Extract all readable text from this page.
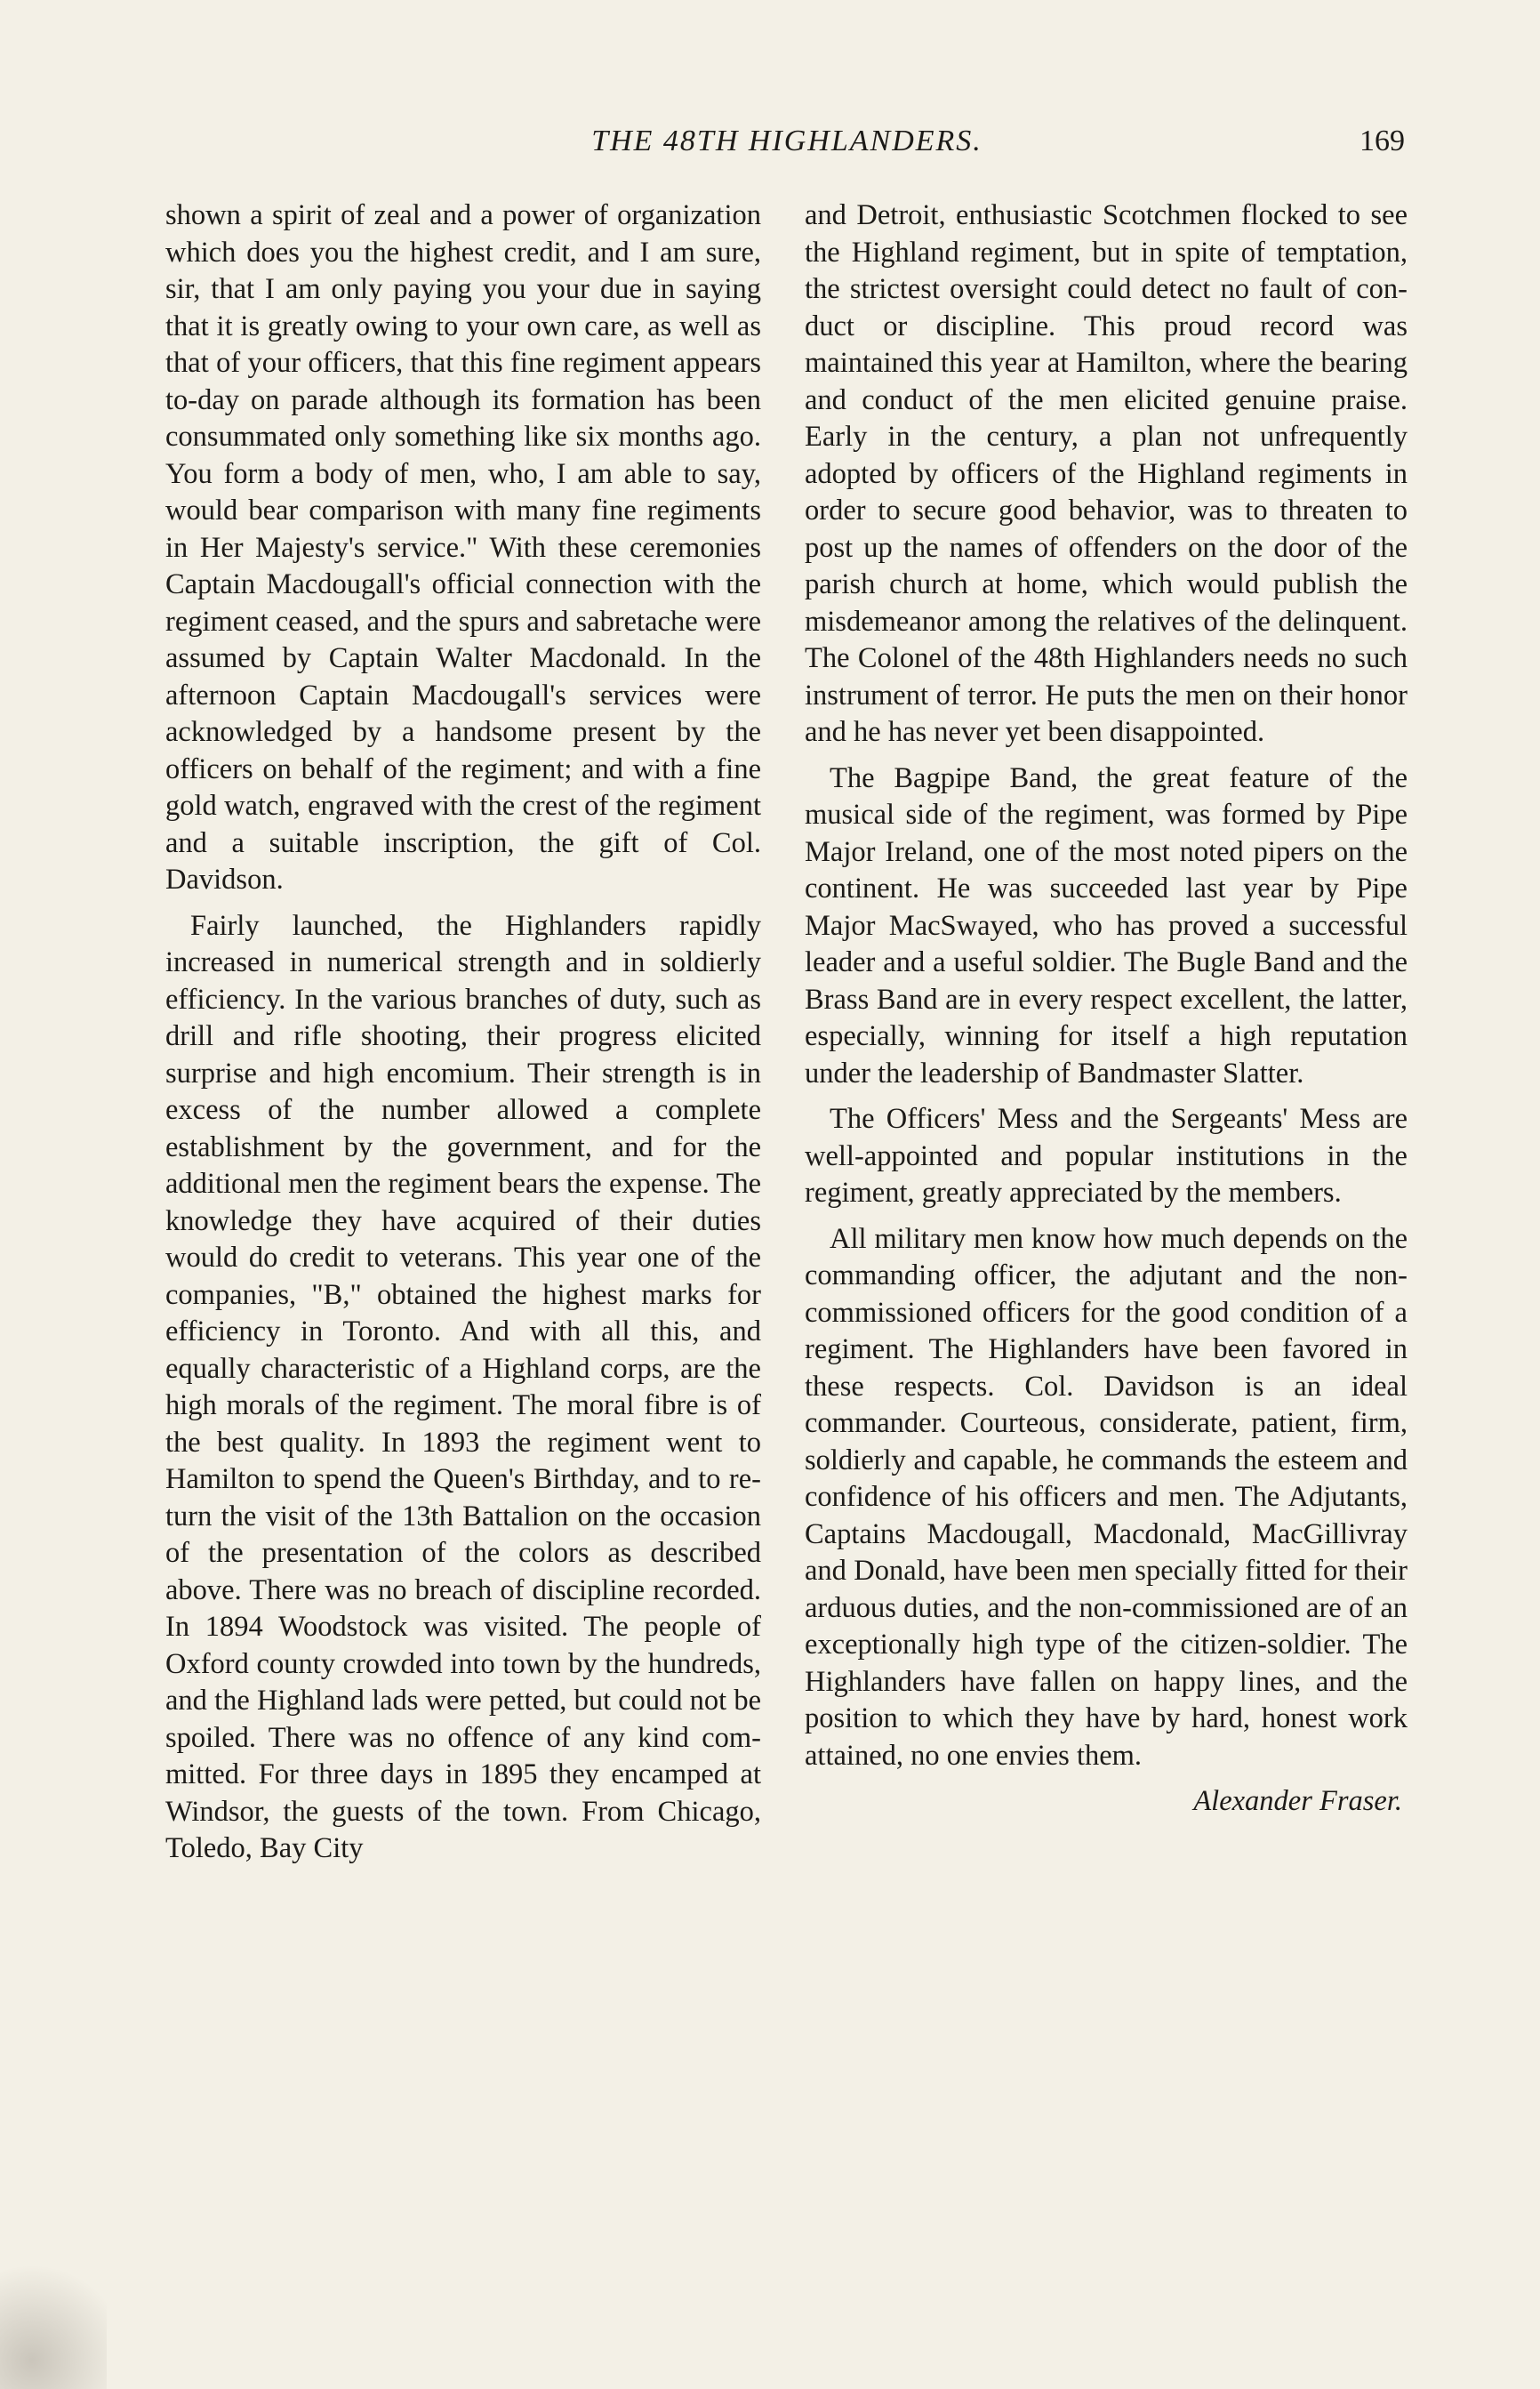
THE 48TH HIGHLANDERS.	169

shown a spirit of zeal and a power of organization which does you the highest credit, and I am sure, sir, that I am only paying you your due in saying that it is greatly owing to your own care, as well as that of your officers, that this fine regiment appears to-day on parade although its formation has been consummated only something like six months ago. You form a body of men, who, I am able to say, would bear comparison with many fine regiments in Her Majesty's service." With these ceremonies Captain Macdougall's official connection with the regiment ceased, and the spurs and sabretache were assumed by Captain Walter Macdonald. In the afternoon Captain Macdougall's services were acknowledged by a handsome present by the officers on behalf of the regiment; and with a fine gold watch, engraved with the crest of the regiment and a suitable inscription, the gift of Col. Davidson.

Fairly launched, the Highlanders rapidly increased in numerical strength and in soldierly efficiency. In the various branches of duty, such as drill and rifle shooting, their progress elicited surprise and high encomium. Their strength is in excess of the number allowed a complete establishment by the government, and for the additional men the regiment bears the expense. The knowledge they have acquired of their duties would do credit to veterans. This year one of the companies, "B," obtained the highest marks for efficiency in Toronto. And with all this, and equally characteristic of a Highland corps, are the high morals of the regiment. The moral fibre is of the best quality. In 1893 the regiment went to Hamilton to spend the Queen's Birthday, and to return the visit of the 13th Battalion on the occasion of the presentation of the colors as described above. There was no breach of discipline recorded. In 1894 Woodstock was visited. The people of Oxford county crowded into town by the hundreds, and the Highland lads were petted, but could not be spoiled. There was no offence of any kind committed. For three days in 1895 they encamped at Windsor, the guests of the town. From Chicago, Toledo, Bay City

and Detroit, enthusiastic Scotchmen flocked to see the Highland regiment, but in spite of temptation, the strictest oversight could detect no fault of conduct or discipline. This proud record was maintained this year at Hamilton, where the bearing and conduct of the men elicited genuine praise. Early in the century, a plan not unfrequently adopted by officers of the Highland regiments in order to secure good behavior, was to threaten to post up the names of offenders on the door of the parish church at home, which would publish the misdemeanor among the relatives of the delinquent. The Colonel of the 48th Highlanders needs no such instrument of terror. He puts the men on their honor and he has never yet been disappointed.

The Bagpipe Band, the great feature of the musical side of the regiment, was formed by Pipe Major Ireland, one of the most noted pipers on the continent. He was succeeded last year by Pipe Major MacSwayed, who has proved a successful leader and a useful soldier. The Bugle Band and the Brass Band are in every respect excellent, the latter, especially, winning for itself a high reputation under the leadership of Bandmaster Slatter.

The Officers' Mess and the Sergeants' Mess are well-appointed and popular institutions in the regiment, greatly appreciated by the members.

All military men know how much depends on the commanding officer, the adjutant and the non-commissioned officers for the good condition of a regiment. The Highlanders have been favored in these respects. Col. Davidson is an ideal commander. Courteous, considerate, patient, firm, soldierly and capable, he commands the esteem and confidence of his officers and men. The Adjutants, Captains Macdougall, Macdonald, MacGillivray and Donald, have been men specially fitted for their arduous duties, and the non-commissioned are of an exceptionally high type of the citizen-soldier. The Highlanders have fallen on happy lines, and the position to which they have by hard, honest work attained, no one envies them.

Alexander Fraser.
